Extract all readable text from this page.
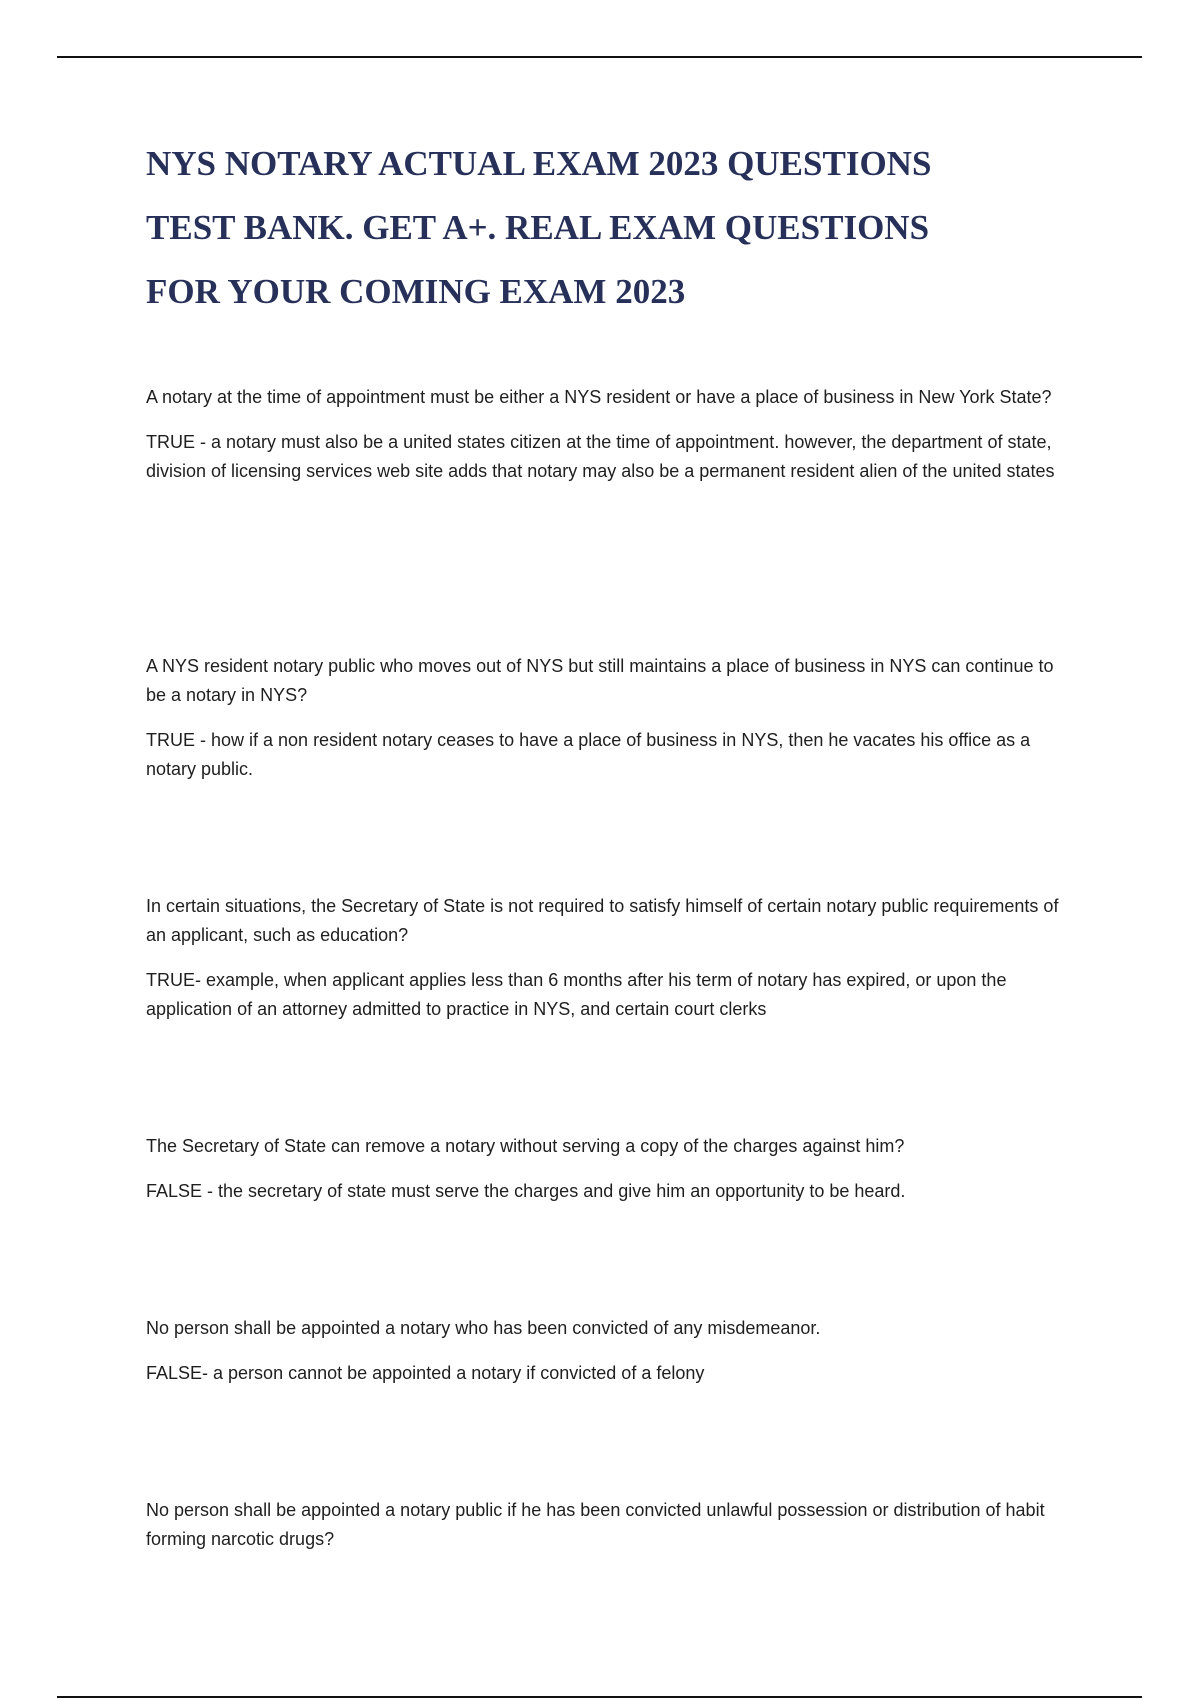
NYS NOTARY ACTUAL EXAM 2023 QUESTIONS
TEST BANK. GET A+. REAL EXAM QUESTIONS
FOR YOUR COMING EXAM 2023

A notary at the time of appointment must be either a NYS resident or have a place of business in New York State?

TRUE - a notary must also be a united states citizen at the time of appointment. however, the department of state, division of licensing services web site adds that notary may also be a permanent resident alien of the united states

A NYS resident notary public who moves out of NYS but still maintains a place of business in NYS can continue to be a notary in NYS?

TRUE - how if a non resident notary ceases to have a place of business in NYS, then he vacates his office as a notary public.

In certain situations, the Secretary of State is not required to satisfy himself of certain notary public requirements of an applicant, such as education?

TRUE- example, when applicant applies less than 6 months after his term of notary has expired, or upon the application of an attorney admitted to practice in NYS, and certain court clerks

The Secretary of State can remove a notary without serving a copy of the charges against him?

FALSE - the secretary of state must serve the charges and give him an opportunity to be heard.

No person shall be appointed a notary who has been convicted of any misdemeanor.

FALSE- a person cannot be appointed a notary if convicted of a felony

No person shall be appointed a notary public if he has been convicted unlawful possession or distribution of habit forming narcotic drugs?
